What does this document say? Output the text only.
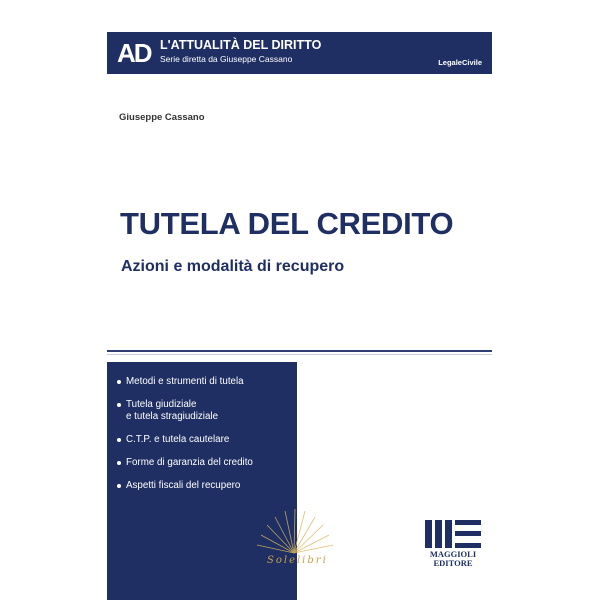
AD L'ATTUALITÀ DEL DIRITTO
Serie diretta da Giuseppe Cassano	LegaleCivile
Giuseppe Cassano
TUTELA DEL CREDITO
Azioni e modalità di recupero
Metodi e strumenti di tutela
Tutela giudiziale
e tutela stragiudiziale
C.T.P. e tutela cautelare
Forme di garanzia del credito
Aspetti fiscali del recupero
MAGGIOLI
EDITORE
Solelibri
